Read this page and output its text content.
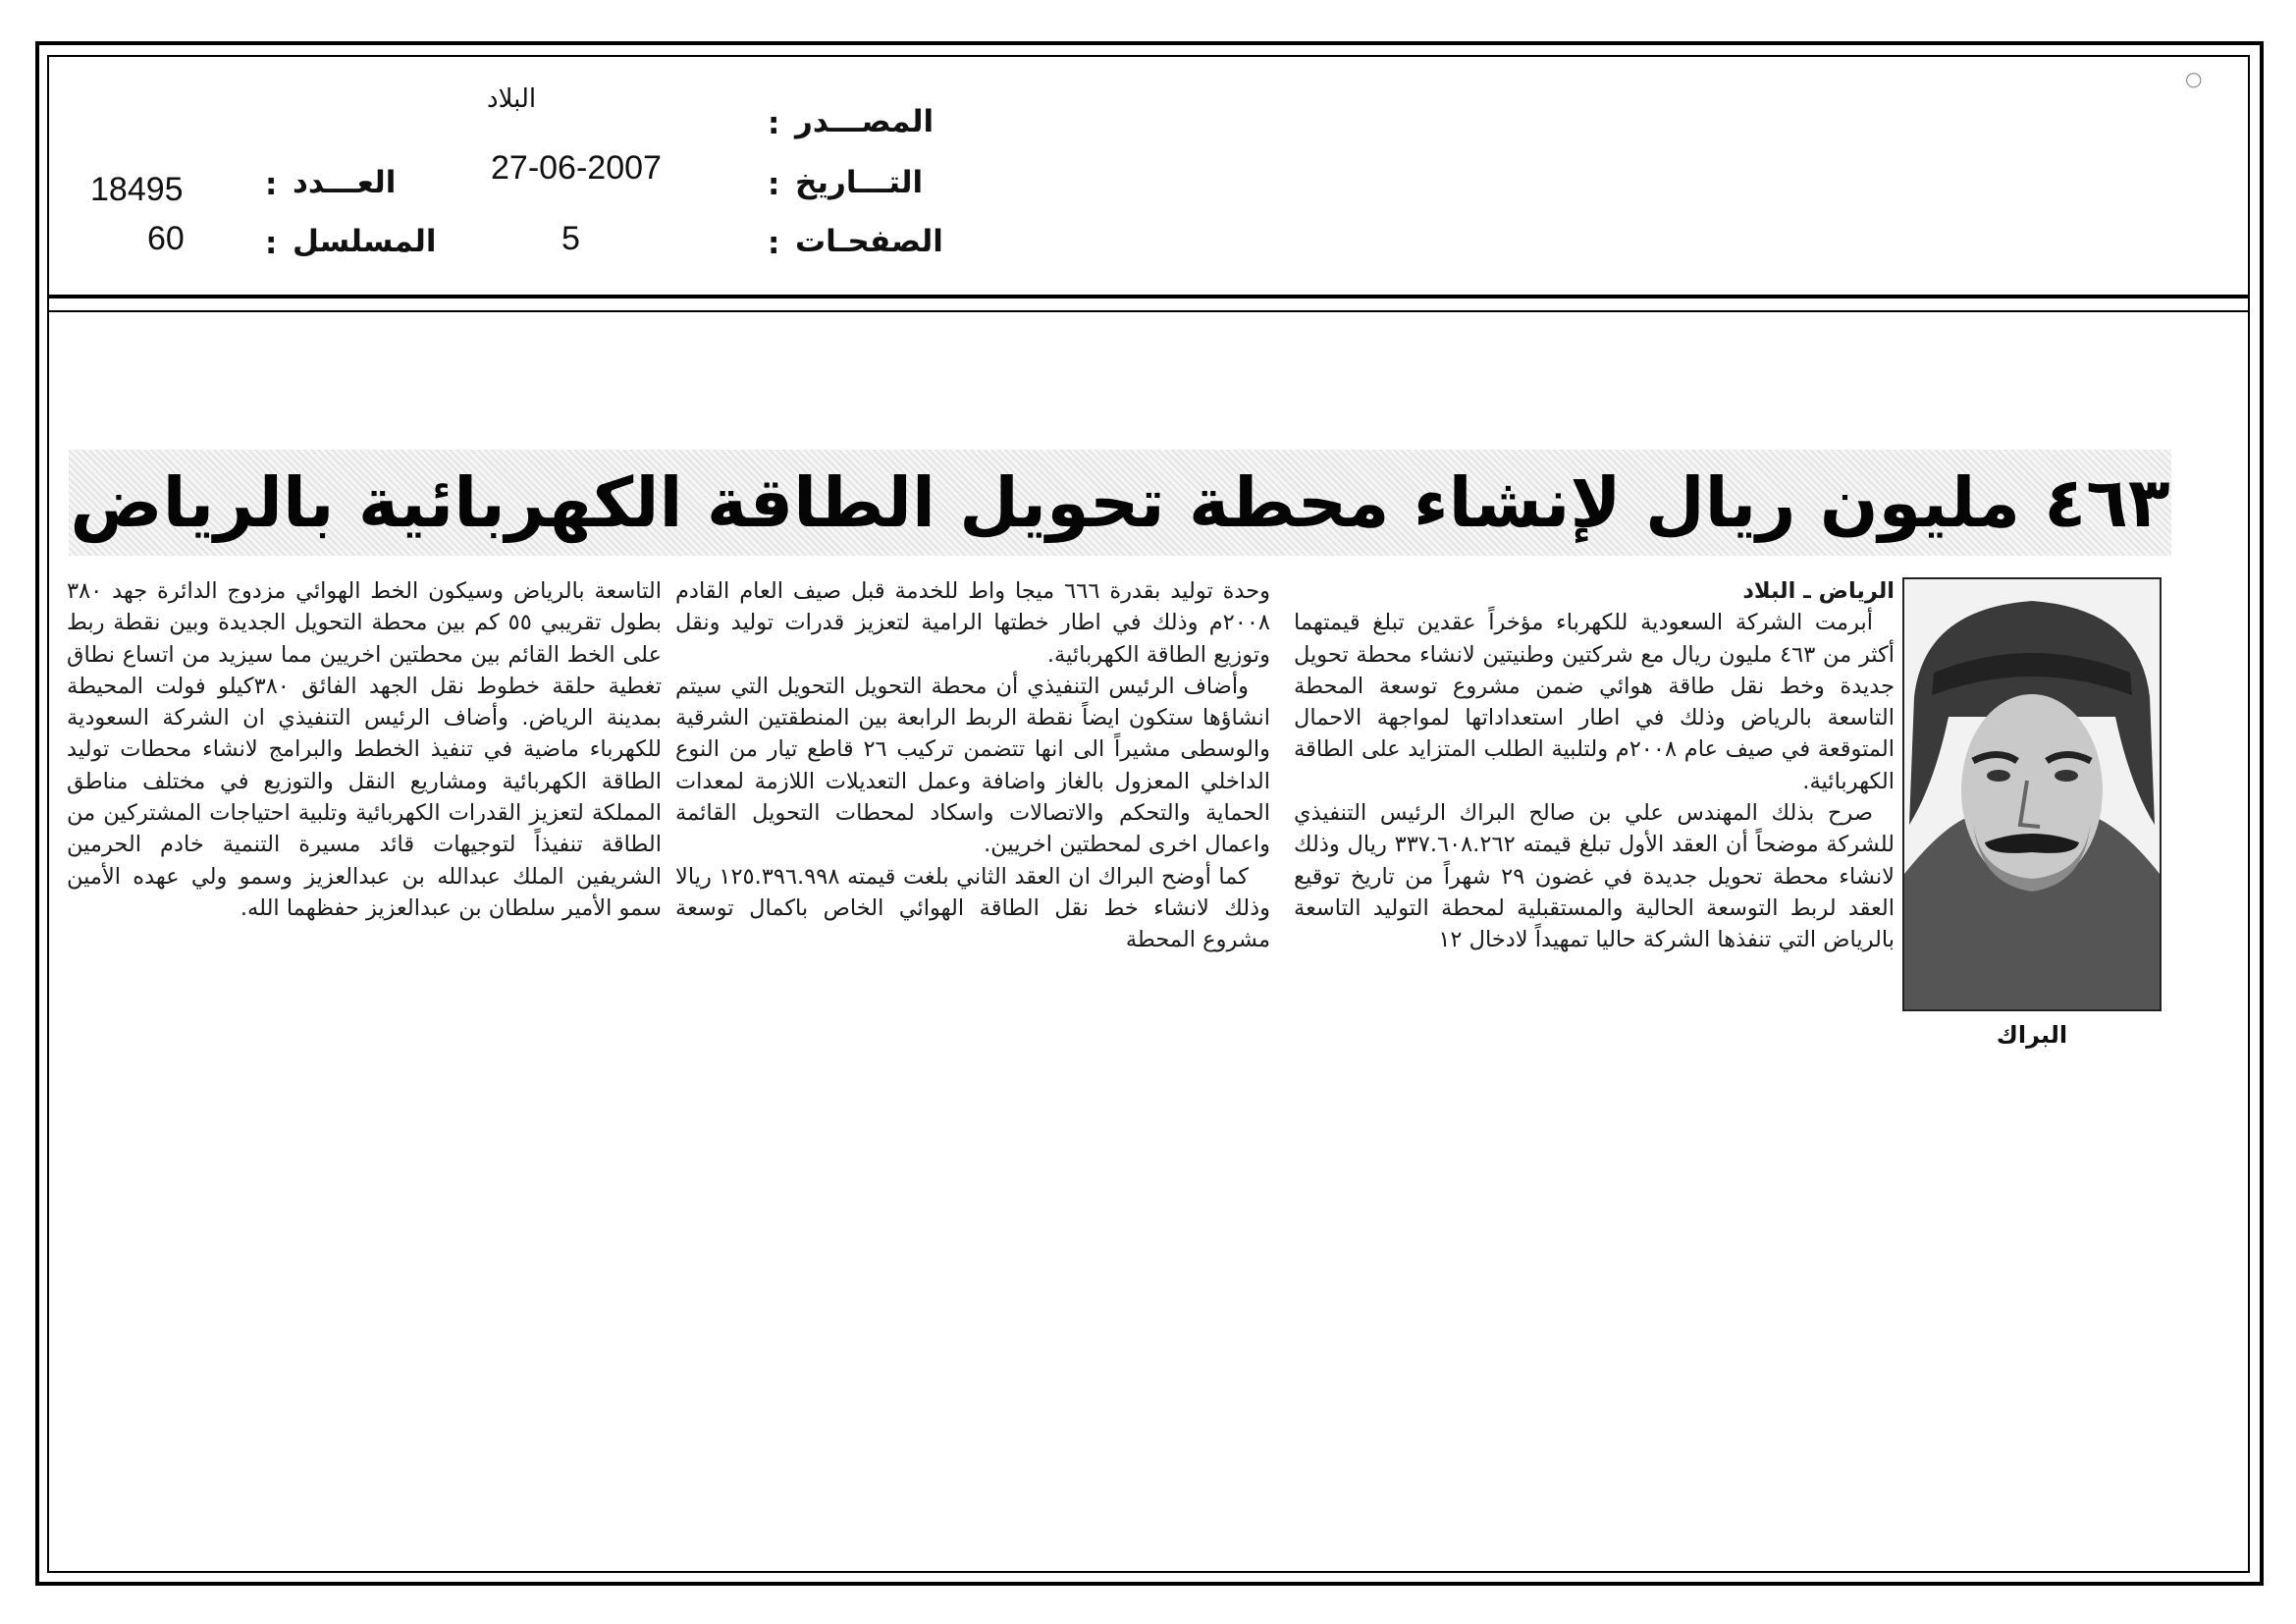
○
المصـــدر
التـــاريخ
الصفحـات
:
:
:
العـــدد
المسلسل
:
:
البلاد
27-06-2007
5
18495
60
٤٦٣ مليون ريال لإنشاء محطة تحويل الطاقة الكهربائية بالرياض
البراك

الرياض ـ البلاد

أبرمت الشركة السعودية للكهرباء مؤخراً عقدين تبلغ قيمتهما أكثر من ٤٦٣ مليون ريال مع شركتين وطنيتين لانشاء محطة تحويل جديدة وخط نقل طاقة هوائي ضمن مشروع توسعة المحطة التاسعة بالرياض وذلك في اطار استعداداتها لمواجهة الاحمال المتوقعة في صيف عام ٢٠٠٨م ولتلبية الطلب المتزايد على الطاقة الكهربائية.

صرح بذلك المهندس علي بن صالح البراك الرئيس التنفيذي للشركة موضحاً أن العقد الأول تبلغ قيمته ٣٣٧.٦٠٨.٢٦٢ ريال وذلك لانشاء محطة تحويل جديدة في غضون ٢٩ شهراً من تاريخ توقيع العقد لربط التوسعة الحالية والمستقبلية لمحطة التوليد التاسعة بالرياض التي تنفذها الشركة حاليا تمهيداً لادخال ١٢

وحدة توليد بقدرة ٦٦٦ ميجا واط للخدمة قبل صيف العام القادم ٢٠٠٨م وذلك في اطار خطتها الرامية لتعزيز قدرات توليد ونقل وتوزيع الطاقة الكهربائية.

وأضاف الرئيس التنفيذي أن محطة التحويل التحويل التي سيتم انشاؤها ستكون ايضاً نقطة الربط الرابعة بين المنطقتين الشرقية والوسطى مشيراً الى انها تتضمن تركيب ٢٦ قاطع تيار من النوع الداخلي المعزول بالغاز واضافة وعمل التعديلات اللازمة لمعدات الحماية والتحكم والاتصالات واسكاد لمحطات التحويل القائمة واعمال اخرى لمحطتين اخريين.

كما أوضح البراك ان العقد الثاني بلغت قيمته ١٢٥.٣٩٦.٩٩٨ ريالا وذلك لانشاء خط نقل الطاقة الهوائي الخاص باكمال توسعة مشروع المحطة

التاسعة بالرياض وسيكون الخط الهوائي مزدوج الدائرة جهد ٣٨٠ بطول تقريبي ٥٥ كم بين محطة التحويل الجديدة وبين نقطة ربط على الخط القائم بين محطتين اخريين مما سيزيد من اتساع نطاق تغطية حلقة خطوط نقل الجهد الفائق ٣٨٠كيلو فولت المحيطة بمدينة الرياض. وأضاف الرئيس التنفيذي ان الشركة السعودية للكهرباء ماضية في تنفيذ الخطط والبرامج لانشاء محطات توليد الطاقة الكهربائية ومشاريع النقل والتوزيع في مختلف مناطق المملكة لتعزيز القدرات الكهربائية وتلبية احتياجات المشتركين من الطاقة تنفيذاً لتوجيهات قائد مسيرة التنمية خادم الحرمين الشريفين الملك عبدالله بن عبدالعزيز وسمو ولي عهده الأمين سمو الأمير سلطان بن عبدالعزيز حفظهما الله.
